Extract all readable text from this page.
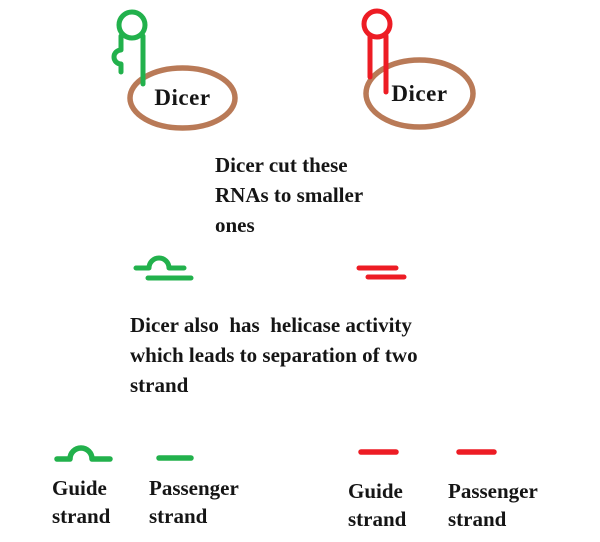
Dicer	Dicer
Dicer cut these
RNAs to smaller
ones
Dicer also  has  helicase activity
which leads to separation of two
strand
Guide
strand
Passenger
strand
Guide
strand
Passenger
strand
